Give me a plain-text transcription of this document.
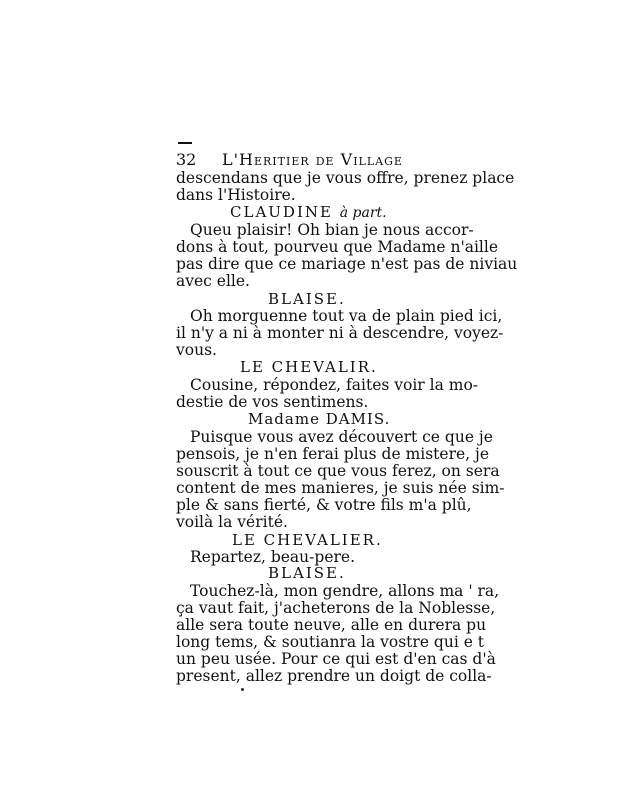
32 L'Heritier de Village
descendans que je vous offre, prenez place
dans l'Histoire.
CLAUDINE à part.
Queu plaisir! Oh bian je nous accor-
dons à tout, pourveu que Madame n'aille
pas dire que ce mariage n'est pas de niviau
avec elle.
BLAISE.
Oh morguenne tout va de plain pied ici,
il n'y a ni à monter ni à descendre, voyez-
vous.
LE CHEVALIR.
Cousine, répondez, faites voir la mo-
destie de vos sentimens.
Madame DAMIS.
Puisque vous avez découvert ce que je
pensois, je n'en ferai plus de mistere, je
souscrit à tout ce que vous ferez, on sera
content de mes manieres, je suis née sim-
ple & sans fierté, & votre fils m'a plû,
voilà la vérité.
LE CHEVALIER.
Repartez, beau-pere.
BLAISE.
Touchez-là, mon gendre, allons ma ' ra,
ça vaut fait, j'acheterons de la Noblesse,
alle sera toute neuve, alle en durera pu
long tems, & soutianra la vostre qui e t
un peu usée. Pour ce qui est d'en cas d'à
present, allez prendre un doigt de colla-
